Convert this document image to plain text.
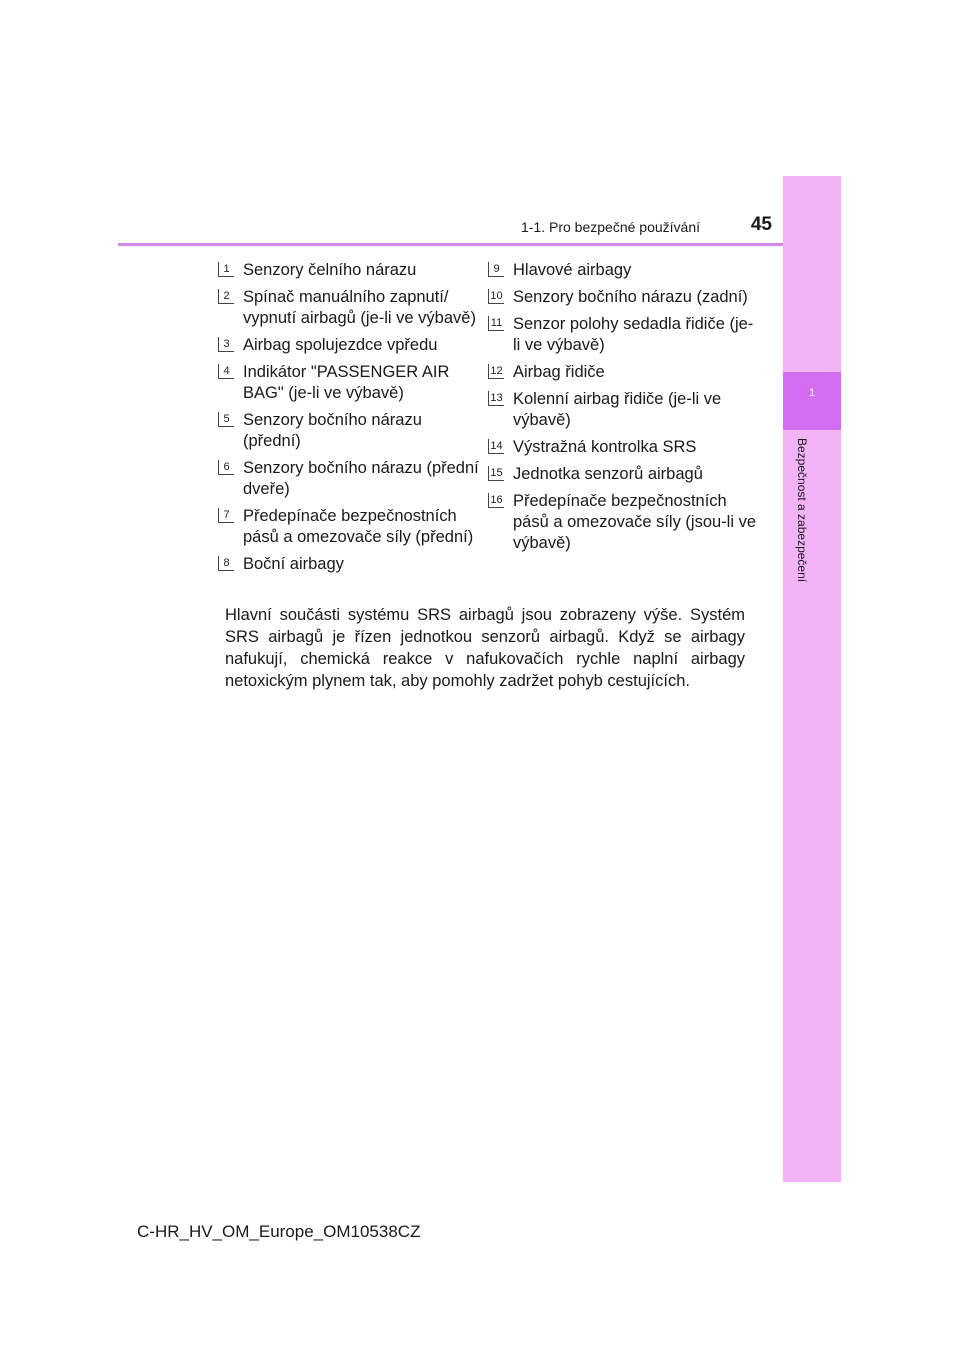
1-1. Pro bezpečné používání	45
1
Bezpečnost a zabezpečení
1 Senzory čelního nárazu
2 Spínač manuálního zapnutí/ vypnutí airbagů (je-li ve výbavě)
3 Airbag spolujezdce vpředu
4 Indikátor "PASSENGER AIR BAG" (je-li ve výbavě)
5 Senzory bočního nárazu (přední)
6 Senzory bočního nárazu (přední dveře)
7 Předepínače bezpečnostních pásů a omezovače síly (přední)
8 Boční airbagy
9 Hlavové airbagy
10 Senzory bočního nárazu (zadní)
11 Senzor polohy sedadla řidiče (je-li ve výbavě)
12 Airbag řidiče
13 Kolenní airbag řidiče (je-li ve výbavě)
14 Výstražná kontrolka SRS
15 Jednotka senzorů airbagů
16 Předepínače bezpečnostních pásů a omezovače síly (jsou-li ve výbavě)

Hlavní součásti systému SRS airbagů jsou zobrazeny výše. Systém SRS airbagů je řízen jednotkou senzorů airbagů. Když se airbagy nafukují, chemická reakce v nafukovačích rychle naplní airbagy netoxickým plynem tak, aby pomohly zadržet pohyb cestujících.

C-HR_HV_OM_Europe_OM10538CZ
